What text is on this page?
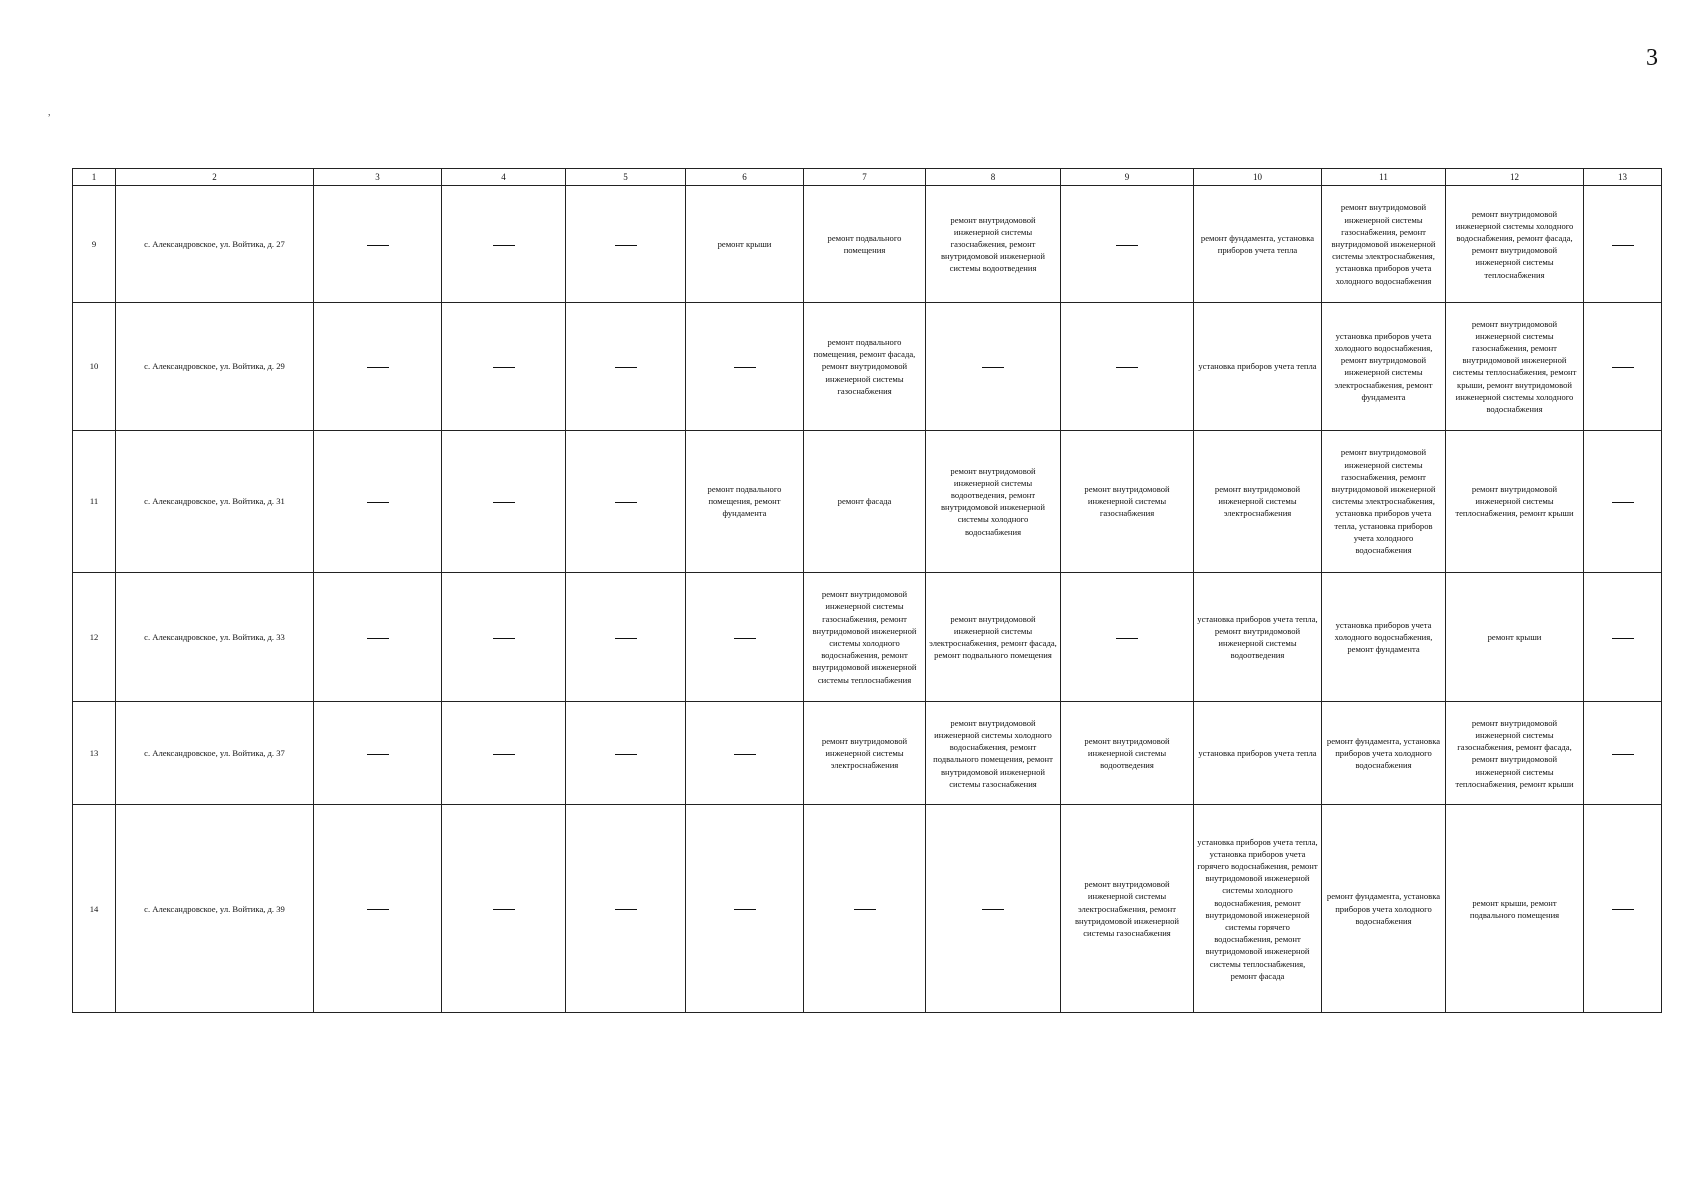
3
,
1	2	3	4	5	6	7	8	9	10	11	12	13
9	с. Александровское, ул. Войтика, д. 27				ремонт крыши	ремонт подвального помещения	ремонт внутридомовой инженерной системы газоснабжения, ремонт внутридомовой инженерной системы водоотведения		ремонт фундамента, установка приборов учета тепла	ремонт внутридомовой инженерной системы газоснабжения, ремонт внутридомовой инженерной системы электроснабжения, установка приборов учета холодного водоснабжения	ремонт внутридомовой инженерной системы холодного водоснабжения, ремонт фасада, ремонт внутридомовой инженерной системы теплоснабжения	
10	с. Александровское, ул. Войтика, д. 29					ремонт подвального помещения, ремонт фасада, ремонт внутридомовой инженерной системы газоснабжения			установка приборов учета тепла	установка приборов учета холодного водоснабжения, ремонт внутридомовой инженерной системы электроснабжения, ремонт фундамента	ремонт внутридомовой инженерной системы газоснабжения, ремонт внутридомовой инженерной системы теплоснабжения, ремонт крыши, ремонт внутридомовой инженерной системы холодного водоснабжения	
11	с. Александровское, ул. Войтика, д. 31				ремонт подвального помещения, ремонт фундамента	ремонт фасада	ремонт внутридомовой инженерной системы водоотведения, ремонт внутридомовой инженерной системы холодного водоснабжения	ремонт внутридомовой инженерной системы газоснабжения	ремонт внутридомовой инженерной системы электроснабжения	ремонт внутридомовой инженерной системы газоснабжения, ремонт внутридомовой инженерной системы электроснабжения, установка приборов учета тепла, установка приборов учета холодного водоснабжения	ремонт внутридомовой инженерной системы теплоснабжения, ремонт крыши	
12	с. Александровское, ул. Войтика, д. 33					ремонт внутридомовой инженерной системы газоснабжения, ремонт внутридомовой инженерной системы холодного водоснабжения, ремонт внутридомовой инженерной системы теплоснабжения	ремонт внутридомовой инженерной системы электроснабжения, ремонт фасада, ремонт подвального помещения		установка приборов учета тепла, ремонт внутридомовой инженерной системы водоотведения	установка приборов учета холодного водоснабжения, ремонт фундамента	ремонт крыши	
13	с. Александровское, ул. Войтика, д. 37					ремонт внутридомовой инженерной системы электроснабжения	ремонт внутридомовой инженерной системы холодного водоснабжения, ремонт подвального помещения, ремонт внутридомовой инженерной системы газоснабжения	ремонт внутридомовой инженерной системы водоотведения	установка приборов учета тепла	ремонт фундамента, установка приборов учета холодного водоснабжения	ремонт внутридомовой инженерной системы газоснабжения, ремонт фасада, ремонт внутридомовой инженерной системы теплоснабжения, ремонт крыши	
14	с. Александровское, ул. Войтика, д. 39							ремонт внутридомовой инженерной системы электроснабжения, ремонт внутридомовой инженерной системы газоснабжения	установка приборов учета тепла, установка приборов учета горячего водоснабжения, ремонт внутридомовой инженерной системы холодного водоснабжения, ремонт внутридомовой инженерной системы горячего водоснабжения, ремонт внутридомовой инженерной системы теплоснабжения, ремонт фасада	ремонт фундамента, установка приборов учета холодного водоснабжения	ремонт крыши, ремонт подвального помещения	
